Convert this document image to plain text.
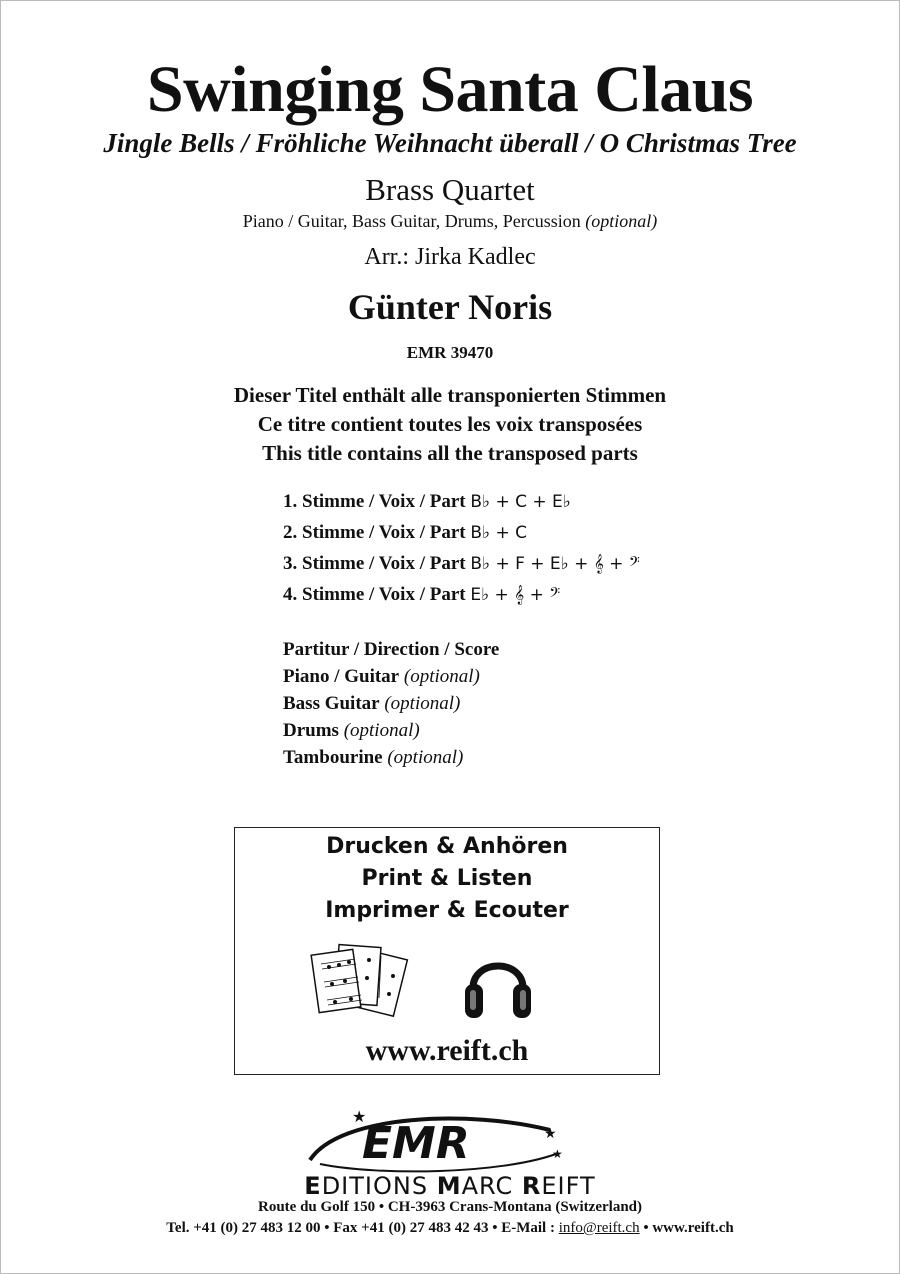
Swinging Santa Claus
Jingle Bells / Fröhliche Weihnacht überall / O Christmas Tree
Brass Quartet
Piano / Guitar, Bass Guitar, Drums, Percussion (optional)
Arr.: Jirka Kadlec
Günter Noris
EMR 39470
Dieser Titel enthält alle transponierten Stimmen
Ce titre contient toutes les voix transposées
This title contains all the transposed parts
1. Stimme / Voix / Part B♭ + C + E♭
2. Stimme / Voix / Part B♭ + C
3. Stimme / Voix / Part B♭ + F + E♭ + 𝄞 + 𝄢
4. Stimme / Voix / Part E♭ + 𝄞 + 𝄢
Partitur / Direction / Score
Piano / Guitar (optional)
Bass Guitar (optional)
Drums (optional)
Tambourine (optional)
Drucken & Anhören
Print & Listen
Imprimer & Ecouter
www.reift.ch
EMR
★
★
★
EDITIONS MARC REIFT
Route du Golf 150 • CH-3963 Crans-Montana (Switzerland)
Tel. +41 (0) 27 483 12 00 • Fax +41 (0) 27 483 42 43 • E-Mail : info@reift.ch • www.reift.ch
